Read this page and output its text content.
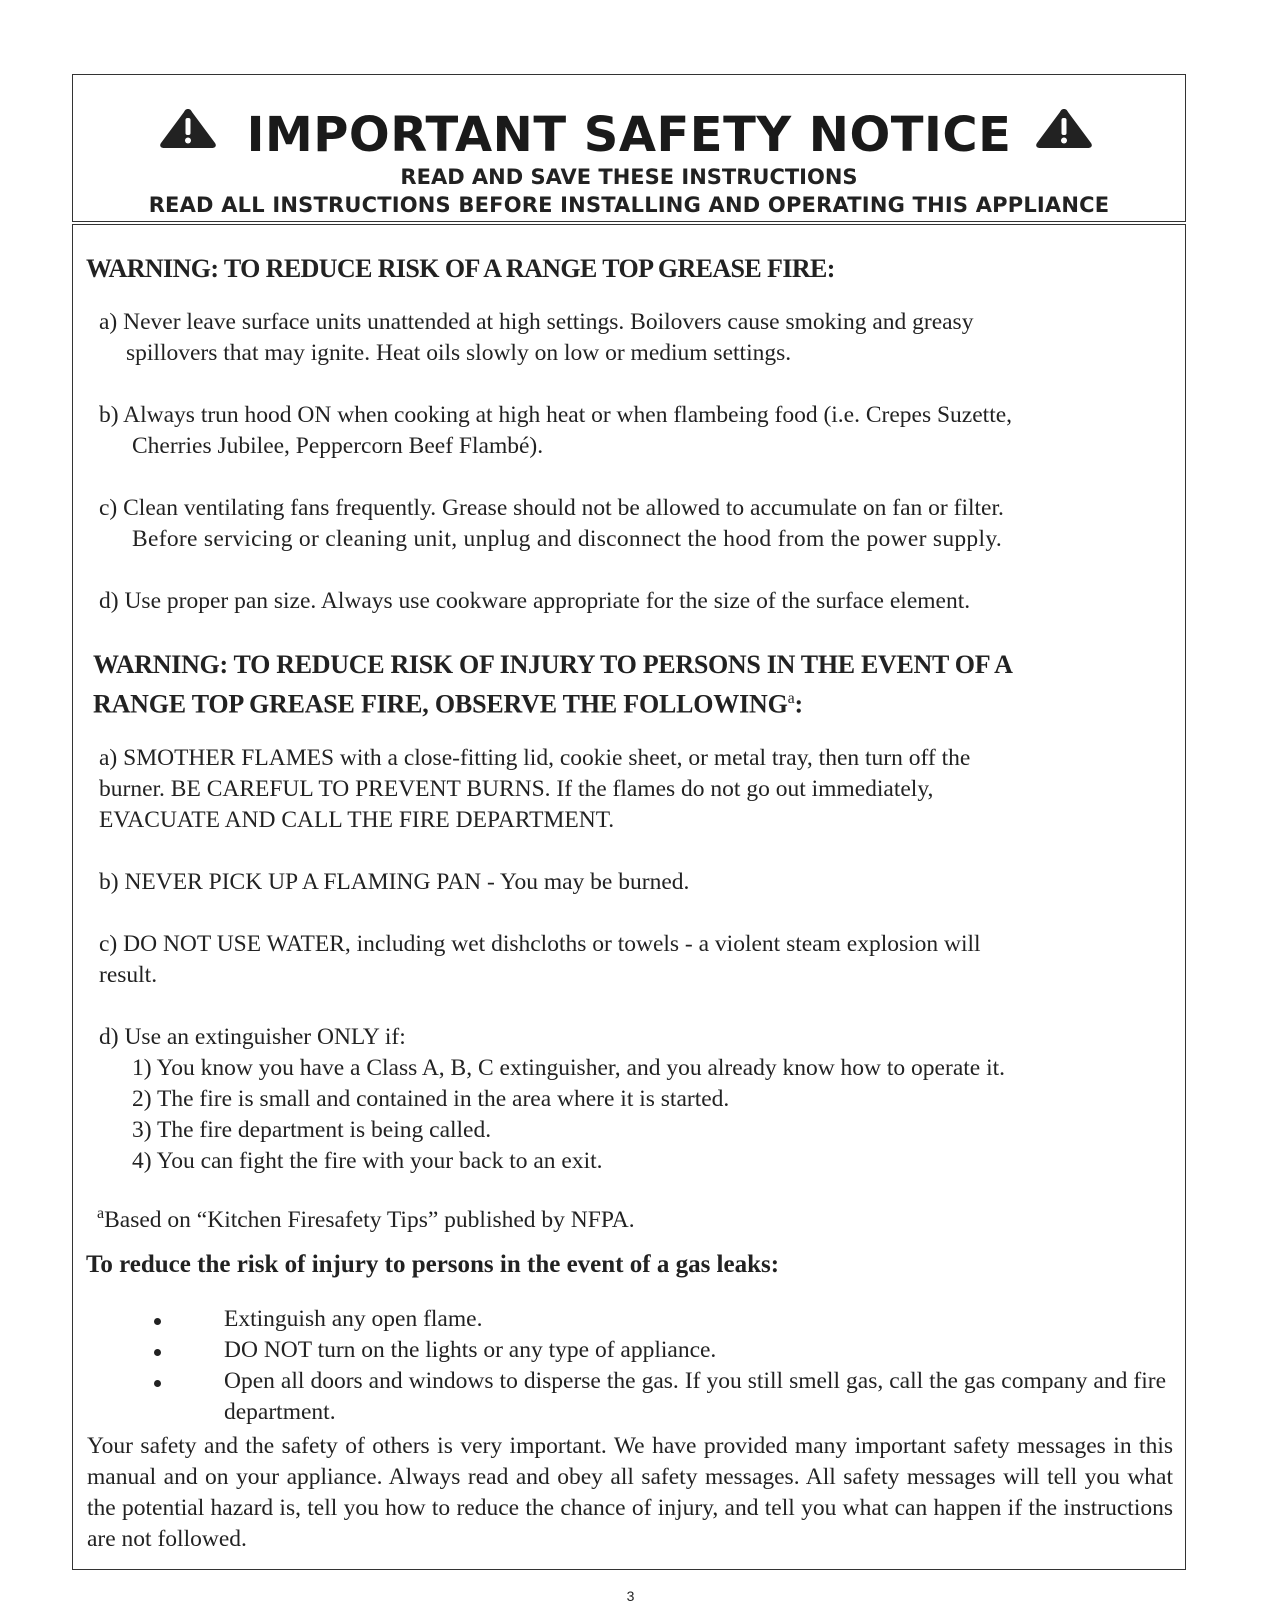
IMPORTANT SAFETY NOTICE
READ AND SAVE THESE INSTRUCTIONS
READ ALL INSTRUCTIONS BEFORE INSTALLING AND OPERATING THIS APPLIANCE
WARNING: TO REDUCE RISK OF A RANGE TOP GREASE FIRE:
a) Never leave surface units unattended at high settings. Boilovers cause smoking and greasy
spillovers that may ignite. Heat oils slowly on low or medium settings.
b) Always trun hood ON when cooking at high heat or when flambeing food (i.e. Crepes Suzette,
Cherries Jubilee, Peppercorn Beef Flambé).
c) Clean ventilating fans frequently. Grease should not be allowed to accumulate on fan or filter.
Before servicing or cleaning unit, unplug and disconnect the hood from the power supply.
d) Use proper pan size. Always use cookware appropriate for the size of the surface element.
WARNING: TO REDUCE RISK OF INJURY TO PERSONS IN THE EVENT OF A
RANGE TOP GREASE FIRE, OBSERVE THE FOLLOWING$^a$:
a) SMOTHER FLAMES with a close-fitting lid, cookie sheet, or metal tray, then turn off the
burner. BE CAREFUL TO PREVENT BURNS. If the flames do not go out immediately,
EVACUATE AND CALL THE FIRE DEPARTMENT.
b) NEVER PICK UP A FLAMING PAN - You may be burned.
c) DO NOT USE WATER, including wet dishcloths or towels - a violent steam explosion will
result.
d) Use an extinguisher ONLY if:
1) You know you have a Class A, B, C extinguisher, and you already know how to operate it.
2) The fire is small and contained in the area where it is started.
3) The fire department is being called.
4) You can fight the fire with your back to an exit.
$^a$Based on “Kitchen Firesafety Tips” published by NFPA.
To reduce the risk of injury to persons in the event of a gas leaks:
Extinguish any open flame.
DO NOT turn on the lights or any type of appliance.
Open all doors and windows to disperse the gas. If you still smell gas, call the gas company and fire department.
Your safety and the safety of others is very important. We have provided many important safety messages in this manual and on your appliance. Always read and obey all safety messages. All safety messages will tell you what the potential hazard is, tell you how to reduce the chance of injury, and tell you what can happen if the instructions are not followed.
3
